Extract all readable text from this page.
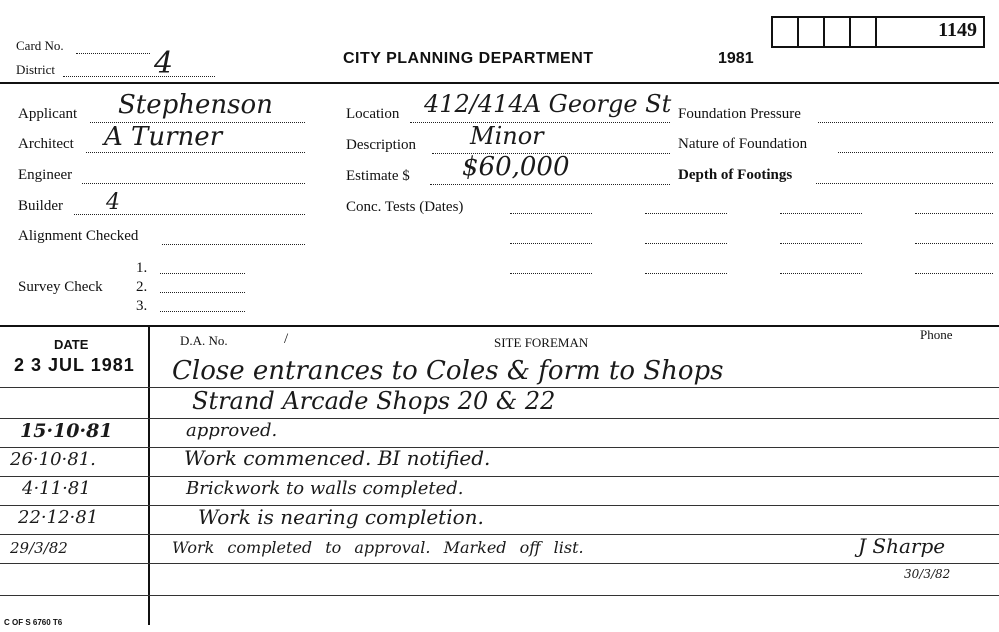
1149
Card No.
District	4	CITY PLANNING DEPARTMENT	1981
Applicant Stephenson
Architect A Turner
Engineer
Builder 4
Alignment Checked
Survey Check
1.
2.
3.
Location 412/414A George St
Description Minor
Estimate $ $60,000
Conc. Tests (Dates)
Foundation Pressure
Nature of Foundation
Depth of Footings
DATE	D.A. No.	/	SITE FOREMAN
Phone
2 3 JUL 1981 Close entrances to Coles & form to Shops
Strand Arcade Shops 20 & 22
15·10·81	approved.
26·10·81.	Work commenced. BI notified.
4·11·81	Brickwork to walls completed.
22·12·81	Work is nearing completion.
29/3/82	Work completed to approval. Marked off list.	J Sharpe
30/3/82
C OF S 6760 T6
